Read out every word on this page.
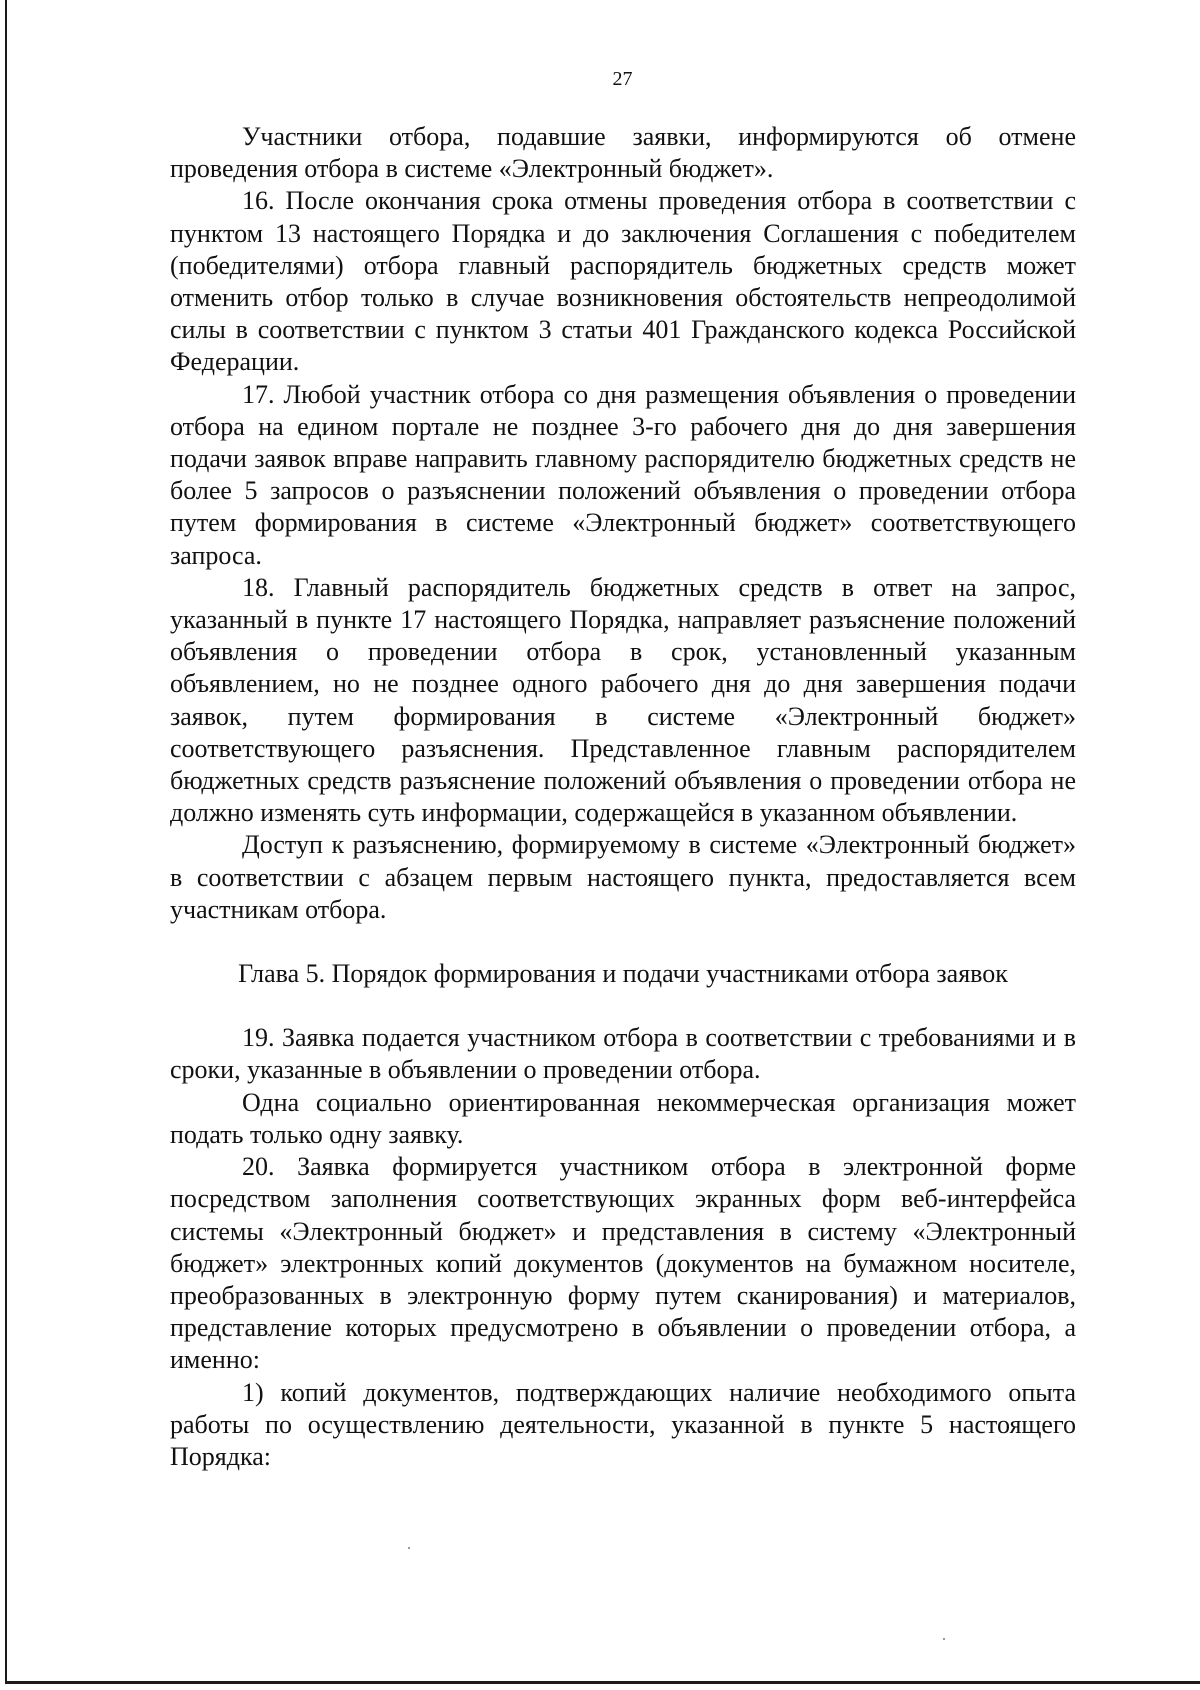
27

Участники отбора, подавшие заявки, информируются об отмене проведения отбора в системе «Электронный бюджет».

16. После окончания срока отмены проведения отбора в соответствии с пунктом 13 настоящего Порядка и до заключения Соглашения с победителем (победителями) отбора главный распорядитель бюджетных средств может отменить отбор только в случае возникновения обстоятельств непреодолимой силы в соответствии с пунктом 3 статьи 401 Гражданского кодекса Российской Федерации.

17. Любой участник отбора со дня размещения объявления о проведении отбора на едином портале не позднее 3-го рабочего дня до дня завершения подачи заявок вправе направить главному распорядителю бюджетных средств не более 5 запросов о разъяснении положений объявления о проведении отбора путем формирования в системе «Электронный бюджет» соответствующего запроса.

18. Главный распорядитель бюджетных средств в ответ на запрос, указанный в пункте 17 настоящего Порядка, направляет разъяснение положений объявления о проведении отбора в срок, установленный указанным объявлением, но не позднее одного рабочего дня до дня завершения подачи заявок, путем формирования в системе «Электронный бюджет» соответствующего разъяснения. Представленное главным распорядителем бюджетных средств разъяснение положений объявления о проведении отбора не должно изменять суть информации, содержащейся в указанном объявлении.

Доступ к разъяснению, формируемому в системе «Электронный бюджет» в соответствии с абзацем первым настоящего пункта, предоставляется всем участникам отбора.

Глава 5. Порядок формирования и подачи участниками отбора заявок

19. Заявка подается участником отбора в соответствии с требованиями и в сроки, указанные в объявлении о проведении отбора.

Одна социально ориентированная некоммерческая организация может подать только одну заявку.

20. Заявка формируется участником отбора в электронной форме посредством заполнения соответствующих экранных форм веб-интерфейса системы «Электронный бюджет» и представления в систему «Электронный бюджет» электронных копий документов (документов на бумажном носителе, преобразованных в электронную форму путем сканирования) и материалов, представление которых предусмотрено в объявлении о проведении отбора, а именно:

1) копий документов, подтверждающих наличие необходимого опыта работы по осуществлению деятельности, указанной в пункте 5 настоящего Порядка:
